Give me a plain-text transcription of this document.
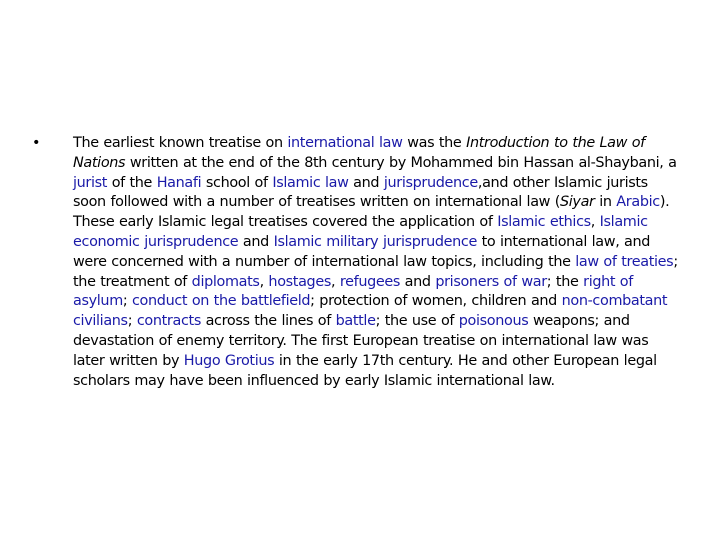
• The earliest known treatise on international law was the Introduction to the Law of Nations written at the end of the 8th century by Mohammed bin Hassan al-Shaybani, a jurist of the Hanafi school of Islamic law and jurisprudence,and other Islamic jurists soon followed with a number of treatises written on international law (Siyar in Arabic). These early Islamic legal treatises covered the application of Islamic ethics, Islamic economic jurisprudence and Islamic military jurisprudence to international law, and were concerned with a number of international law topics, including the law of treaties; the treatment of diplomats, hostages, refugees and prisoners of war; the right of asylum; conduct on the battlefield; protection of women, children and non-combatant civilians; contracts across the lines of battle; the use of poisonous weapons; and devastation of enemy territory. The first European treatise on international law was later written by Hugo Grotius in the early 17th century. He and other European legal scholars may have been influenced by early Islamic international law.
